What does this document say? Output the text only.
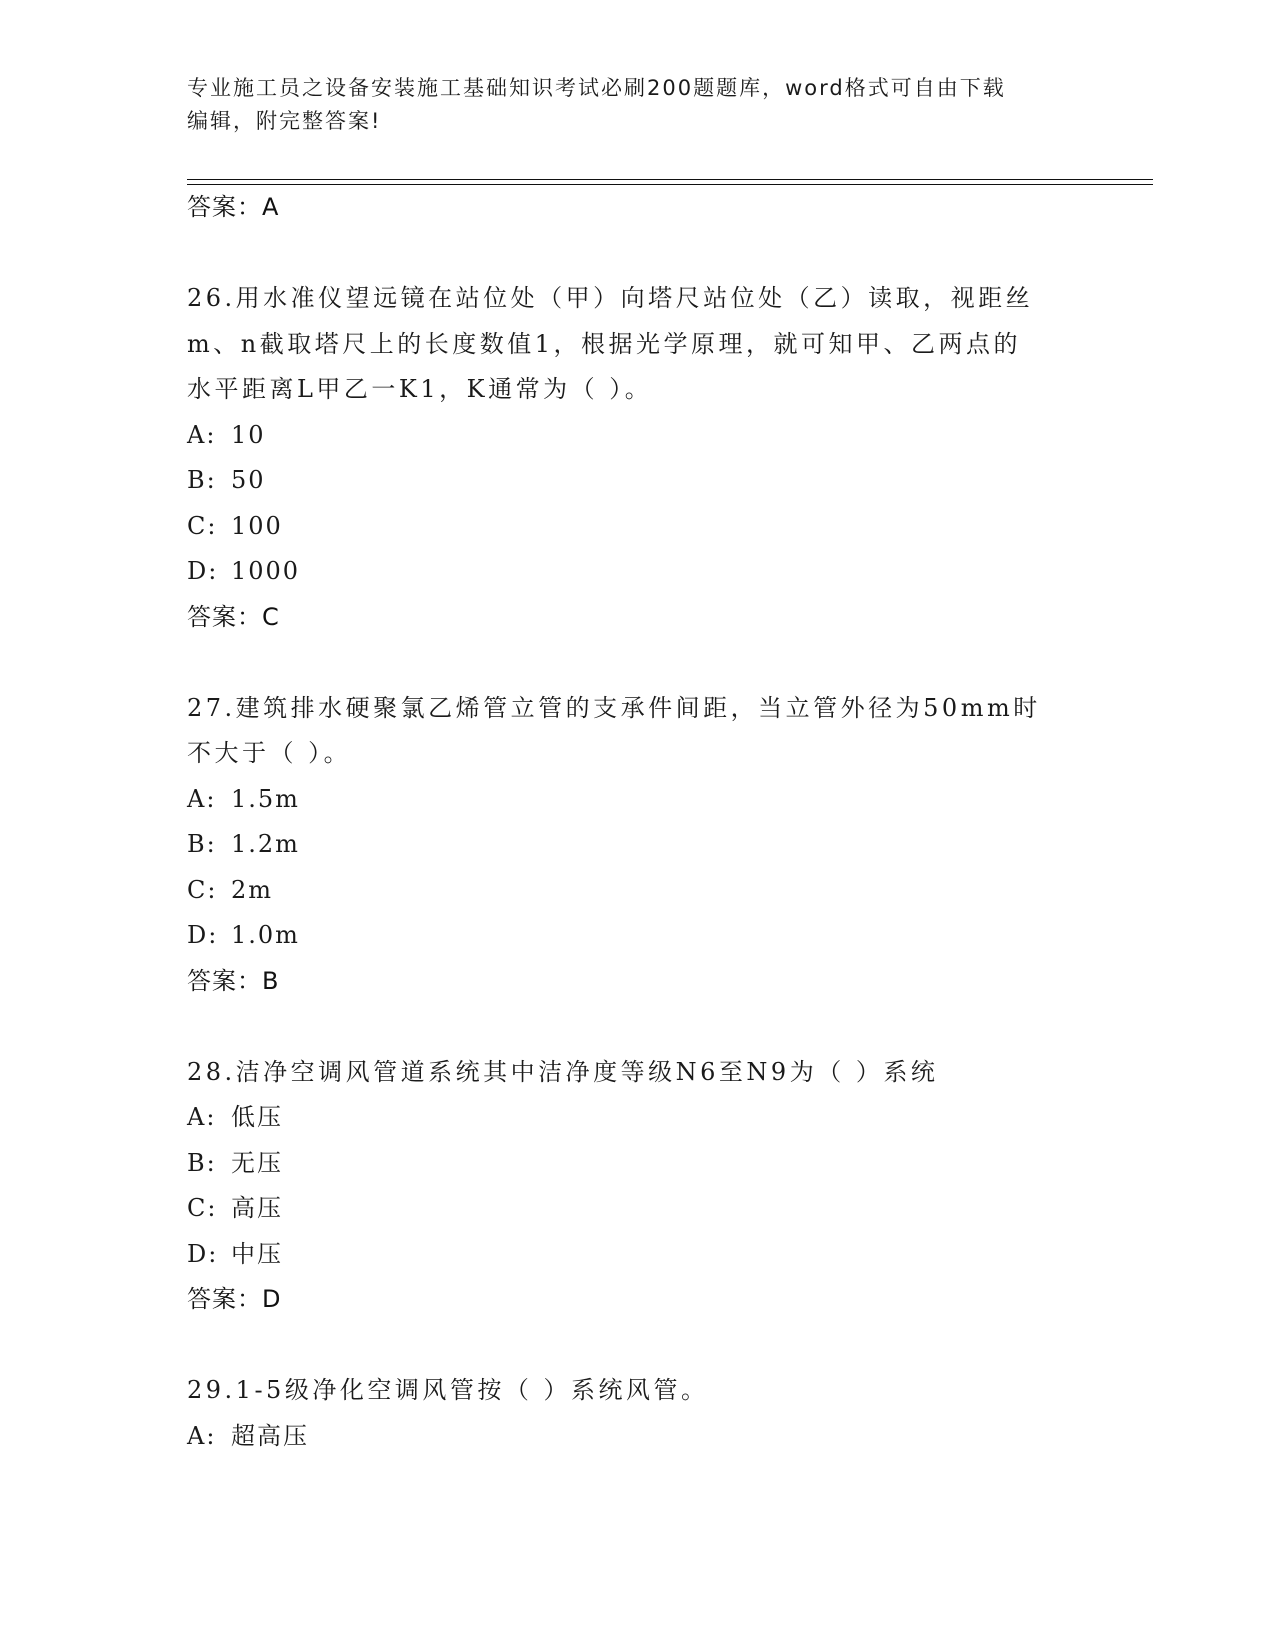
专业施工员之设备安装施工基础知识考试必刷200题题库，word格式可自由下载
编辑，附完整答案!
答案：A
26.用水准仪望远镜在站位处（甲）向塔尺站位处（乙）读取，视距丝
m、n截取塔尺上的长度数值1，根据光学原理，就可知甲、乙两点的
水平距离L甲乙一K1，K通常为（ ）。
A: 10
B: 50
C: 100
D: 1000
答案：C
27.建筑排水硬聚氯乙烯管立管的支承件间距，当立管外径为50mm时
不大于（ ）。
A: 1.5m
B: 1.2m
C: 2m
D: 1.0m
答案：B
28.洁净空调风管道系统其中洁净度等级N6至N9为（ ）系统
A: 低压
B: 无压
C: 高压
D: 中压
答案：D
29.1-5级净化空调风管按（ ）系统风管。
A: 超高压
